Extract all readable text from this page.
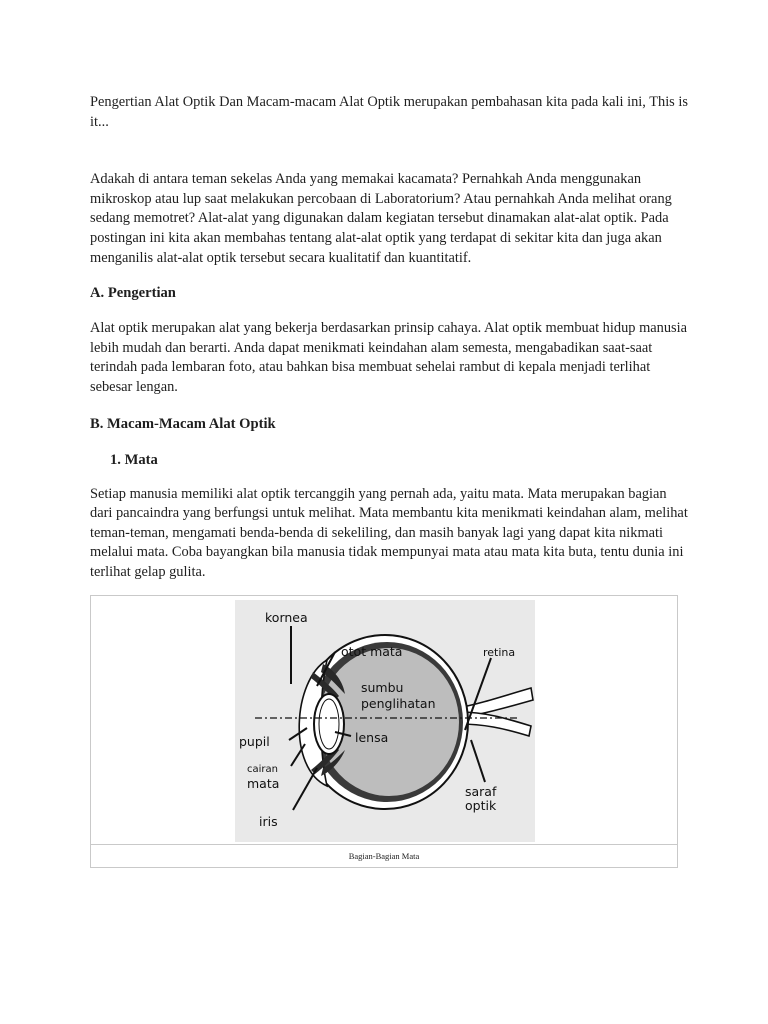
Pengertian Alat Optik Dan Macam-macam Alat Optik merupakan pembahasan kita pada kali ini, This is it...

Adakah di antara teman sekelas Anda yang memakai kacamata? Pernahkah Anda menggunakan mikroskop atau lup saat melakukan percobaan di Laboratorium? Atau pernahkah Anda melihat orang sedang memotret? Alat-alat yang digunakan dalam kegiatan tersebut dinamakan alat-alat optik. Pada postingan ini kita akan membahas tentang alat-alat optik yang terdapat di sekitar kita dan juga akan menganilis alat-alat optik tersebut secara kualitatif dan kuantitatif.

A. Pengertian

Alat optik merupakan alat yang bekerja berdasarkan prinsip cahaya. Alat optik membuat hidup manusia lebih mudah dan berarti. Anda dapat menikmati keindahan alam semesta, mengabadikan saat-saat terindah pada lembaran foto, atau bahkan bisa membuat sehelai rambut di kepala menjadi terlihat sebesar lengan.

B. Macam-Macam Alat Optik
1. Mata

Setiap manusia memiliki alat optik tercanggih yang pernah ada, yaitu mata. Mata merupakan bagian dari pancaindra yang berfungsi untuk melihat. Mata membantu kita menikmati keindahan alam, melihat teman-teman, mengamati benda-benda di sekeliling, dan masih banyak lagi yang dapat kita nikmati melalui mata. Coba bayangkan bila manusia tidak mempunyai mata atau mata kita buta, tentu dunia ini terlihat gelap gulita.

kornea
otot mata	retina
sumbu
penglihatan
pupil	lensa
cairan
mata
saraf
optik
iris
Bagian-Bagian Mata
